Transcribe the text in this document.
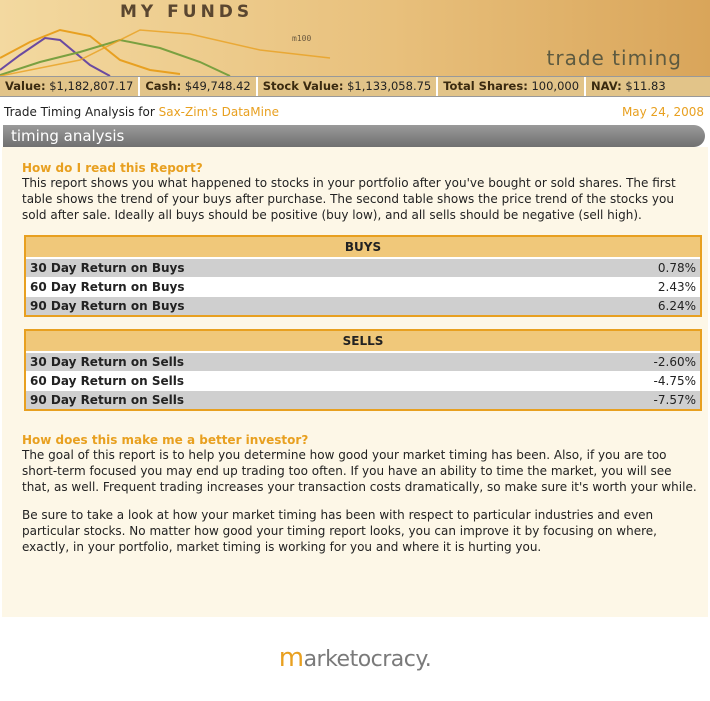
MY FUNDS
m100
trade timing
Value: $1,182,807.17	Cash: $49,748.42	Stock Value: $1,133,058.75	Total Shares: 100,000	NAV: $11.83
Trade Timing Analysis for Sax-Zim's DataMine	May 24, 2008
timing analysis
How do I read this Report?
This report shows you what happened to stocks in your portfolio after you've bought or sold shares. The first table shows the trend of your buys after purchase. The second table shows the price trend of the stocks you sold after sale. Ideally all buys should be positive (buy low), and all sells should be negative (sell high).
BUYS
30 Day Return on Buys	0.78%
60 Day Return on Buys	2.43%
90 Day Return on Buys	6.24%
SELLS
30 Day Return on Sells	-2.60%
60 Day Return on Sells	-4.75%
90 Day Return on Sells	-7.57%
How does this make me a better investor?
The goal of this report is to help you determine how good your market timing has been. Also, if you are too short-term focused you may end up trading too often. If you have an ability to time the market, you will see that, as well. Frequent trading increases your transaction costs dramatically, so make sure it's worth your while.
Be sure to take a look at how your market timing has been with respect to particular industries and even particular stocks. No matter how good your timing report looks, you can improve it by focusing on where, exactly, in your portfolio, market timing is working for you and where it is hurting you.
marketocracy.
